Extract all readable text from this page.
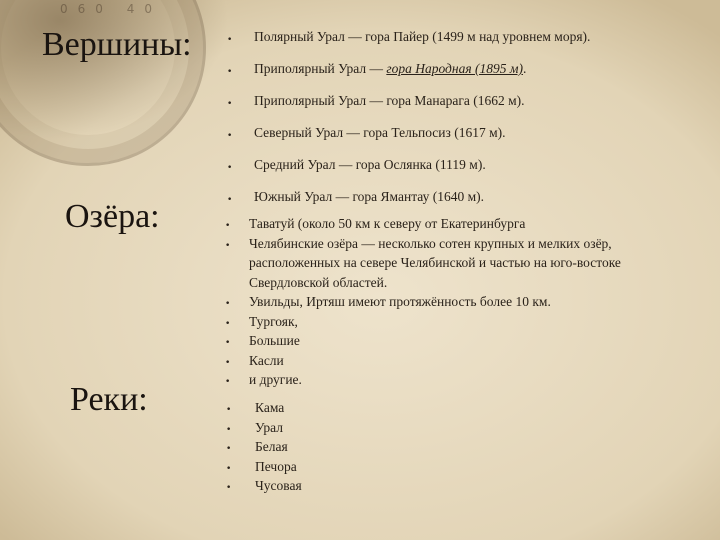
060 40
Вершины:
Озёра:
Реки:
• Полярный Урал — гора Пайер (1499 м над уровнем моря).
• Приполярный Урал — гора Народная (1895 м).
• Приполярный Урал — гора Манарага (1662 м).
• Северный Урал — гора Тельпосиз (1617 м).
• Средний Урал — гора Ослянка (1119 м).
• Южный Урал — гора Ямантау (1640 м).
• Таватуй (около 50 км к северу от Екатеринбурга
• Челябинские озёра — несколько сотен крупных и мелких озёр, расположенных на севере Челябинской и частью на юго-востоке Свердловской областей.
• Увильды, Иртяш имеют протяжённость более 10 км.
• Тургояк,
• Большие
• Касли
• и другие.
• Кама
• Урал
• Белая
• Печора
• Чусовая
